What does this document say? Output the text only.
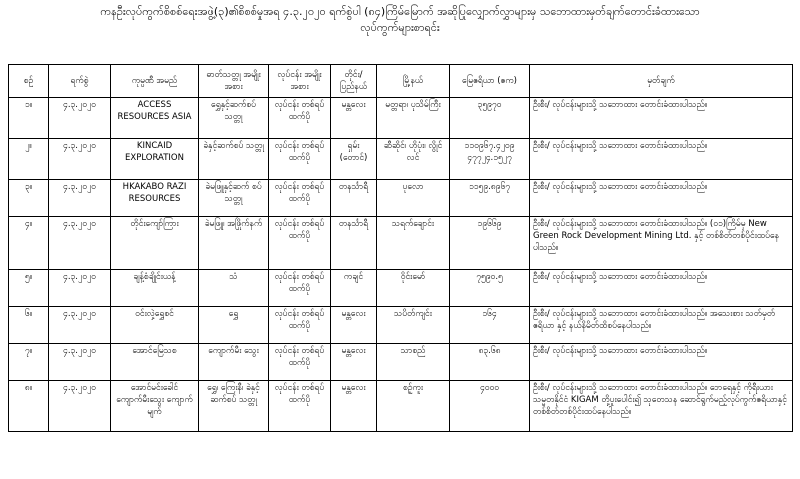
ကနဦးလုပ်ကွက်စိစစ်ရေးအဖွဲ့(၃)၏စိစစ်မှုအရ ၄.၃.၂၀၂၀ ရက်စွဲပါ (၈၄)ကြိမ်မြောက် အဆိုပြုလျှောက်လွှာများမှ သဘောထားမှတ်ချက်တောင်းခံထားသော
လုပ်ကွက်များစာရင်း
စဉ်	ရက်စွဲ	ကုမ္ပဏီ အမည်	ဓာတ်သတ္တု အမျိုးအစား	လုပ်ငန်း အမျိုးအစား	တိုင်း/ ပြည်နယ်	မြို့နယ်	မြေဧရိယာ (ဧက)	မှတ်ချက်
၁။	၄.၃.၂၀၂၀	ACCESS RESOURCES ASIA	ရွှေနှင့်ဆက်စပ် သတ္တု	လုပ်ငန်း တစ်ရပ်ထက်ပို	မန္တလေး	မတ္တရာ၊ ပုသိမ်ကြီး	၃၅၉၇၀	ဦးစီး/ လုပ်ငန်းများသို့ သဘောထား တောင်းခံထားပါသည်။
၂။	၄.၃.၂၀၂၀	KINCAID EXPLORATION	ခဲနှင့်ဆက်စပ် သတ္တု	လုပ်ငန်း တစ်ရပ်ထက်ပို	ရှမ်း (တောင်)	ဆီဆိုင်၊ ဟိုပုံး၊ လွိုင်လင်	၁၁၀၉၆၇.၄၂၀၉ ၄၇၇၂၄.၁၅၂၇	ဦးစီး/ လုပ်ငန်းများသို့ သဘောထား တောင်းခံထားပါသည်။
၃။	၄.၃.၂၀၂၀	HKAKABO RAZI RESOURCES	ခဲမဖြူနှင့်ဆက် စပ်သတ္တု	လုပ်ငန်း တစ်ရပ်ထက်ပို	တနင်္သာရီ	ပုလော	၁၁၅၉.၈၉၆၇	ဦးစီး/ လုပ်ငန်းများသို့ သဘောထား တောင်းခံထားပါသည်။
၄။	၄.၃.၂၀၂၀	တိုင်းကျော်ကြား	ခဲမဖြူ၊ အဖြိုက်နက်	လုပ်ငန်း တစ်ရပ်ထက်ပို	တနင်္သာရီ	သရက်ချောင်း	၁၉၆၆၉	ဦးစီး/ လုပ်ငန်းများသို့ သဘောထား တောင်းခံထားပါသည်။ (၀၁)ကြိမ်မှ New Green Rock Development Mining Ltd. နှင့် တစ်စိတ်တစ်ပိုင်းထပ်နေပါသည်။
၅။	၄.၃.၂၀၂၀	ချန့်စံချိုင်းယန့်	သံ	လုပ်ငန်း တစ်ရပ်ထက်ပို	ကချင်	ဝိုင်းမော်	၇၅၉၀.၅	ဦးစီး/ လုပ်ငန်းများသို့ သဘောထား တောင်းခံထားပါသည်။
၆။	၄.၃.၂၀၂၀	ဝင်းလှဲ့ရွှေစင်	ရွှေ	လုပ်ငန်း တစ်ရပ်ထက်ပို	မန္တလေး	သပိတ်ကျင်း	၁၆၄	ဦးစီး/ လုပ်ငန်းများသို့ သဘောထား တောင်းခံထားပါသည်။ အသေးစား သတ်မှတ်ဧရိယာ နှင့် နယ်နိမိတ်ထိစပ်နေပါသည်။
၇။	၄.၃.၂၀၂၀	အောင်မြေသစ	ကျောက်မီး သွေး	လုပ်ငန်း တစ်ရပ်ထက်ပို	မန္တလေး	သာစည်	၈၃.၆၈	ဦးစီး/ လုပ်ငန်းများသို့ သဘောထား တောင်းခံထားပါသည်။
၈။	၄.၃.၂၀၂၀	အောင်မင်းခေါင် ကျောက်မီးသွေး ကျောက်မျက်	ရွှေ၊ ကြေးနီ၊ ခဲနှင့်ဆက်စပ် သတ္တု	လုပ်ငန်း တစ်ရပ်ထက်ပို	မန္တလေး	စဉ့်ကူး	၄၀၀၀	ဦးစီး/ လုပ်ငန်းများသို့ သဘောထား တောင်းခံထားပါသည်။ ဘေရေနှင့် ကိုရီးယားသမ္မတနိုင်ငံ KIGAM တို့ပူးပေါင်း၍ သုတေသန ဆောင်ရွက်မည့်လုပ်ကွက်ဧရိယာနှင့်တစ်စိတ်တစ်ပိုင်းထပ်နေပါသည်။
